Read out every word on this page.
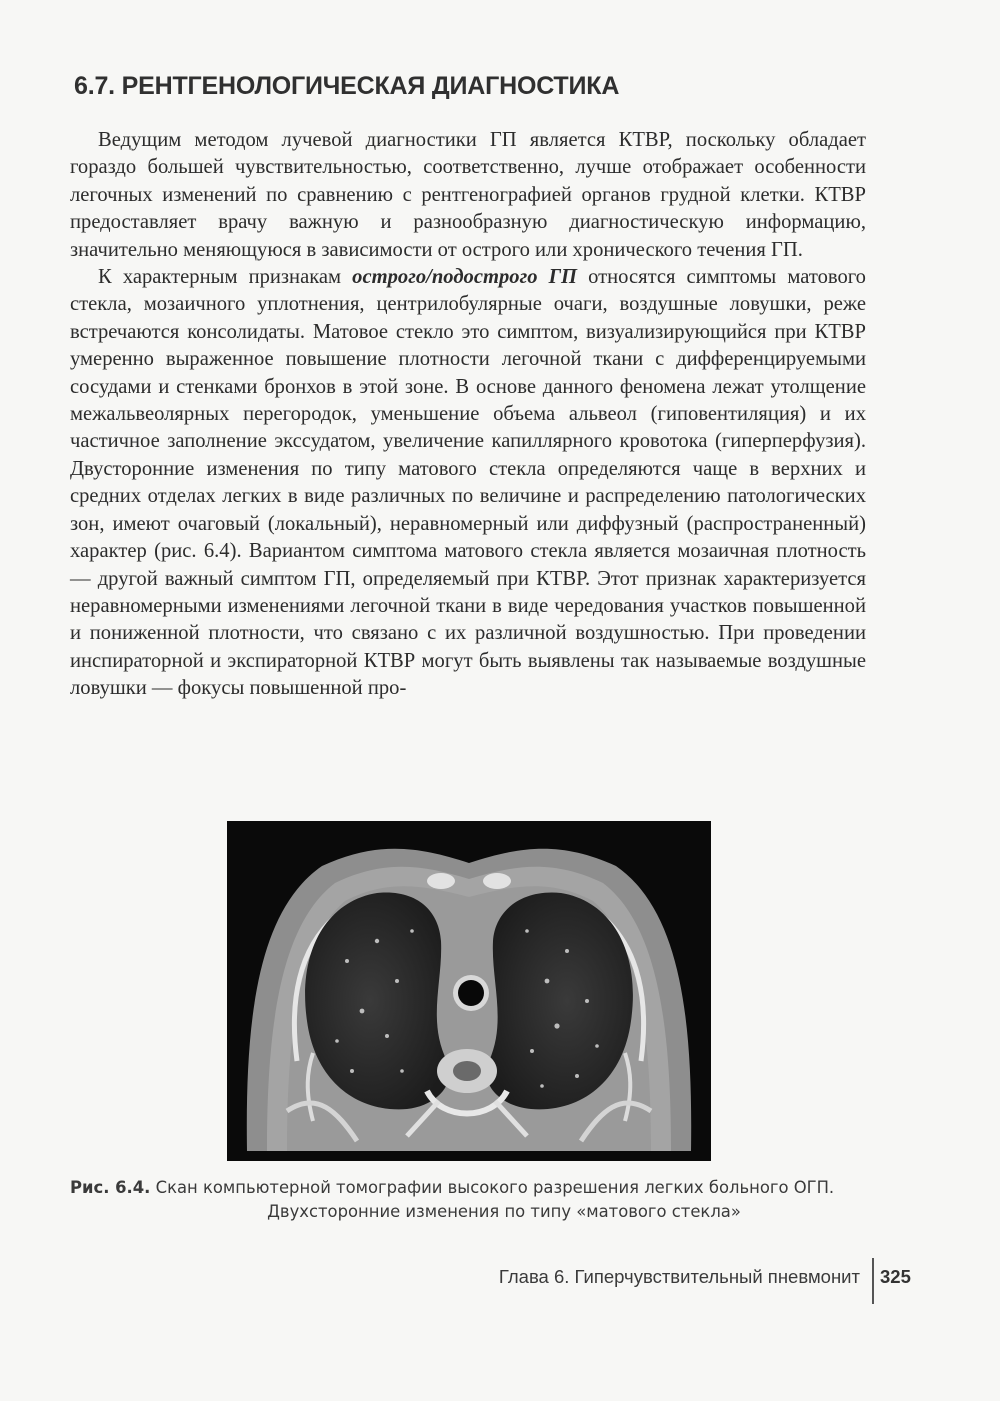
6.7. РЕНТГЕНОЛОГИЧЕСКАЯ ДИАГНОСТИКА

Ведущим методом лучевой диагностики ГП является КТВР, поскольку обладает гораздо большей чувствительностью, соответственно, лучше отображает особенности легочных изменений по сравнению с рентгенографией органов грудной клетки. КТВР предоставляет врачу важную и разнообразную диагностическую информацию, значительно меняющуюся в зависимости от острого или хронического течения ГП.

К характерным признакам острого/подострого ГП относятся симптомы матового стекла, мозаичного уплотнения, центрилобулярные очаги, воздушные ловушки, реже встречаются консолидаты. Матовое стекло это симптом, визуализирующийся при КТВР умеренно выраженное повышение плотности легочной ткани с дифференцируемыми сосудами и стенками бронхов в этой зоне. В основе данного феномена лежат утолщение межальвеолярных перегородок, уменьшение объема альвеол (гиповентиляция) и их частичное заполнение экссудатом, увеличение капиллярного кровотока (гиперперфузия). Двусторонние изменения по типу матового стекла определяются чаще в верхних и средних отделах легких в виде различных по величине и распределению патологических зон, имеют очаговый (локальный), неравномерный или диффузный (распространенный) характер (рис. 6.4). Вариантом симптома матового стекла является мозаичная плотность — другой важный симптом ГП, определяемый при КТВР. Этот признак характеризуется неравномерными изменениями легочной ткани в виде чередования участков повышенной и пониженной плотности, что связано с их различной воздушностью. При проведении инспираторной и экспираторной КТВР могут быть выявлены так называемые воздушные ловушки — фокусы повышенной про-

Рис. 6.4. Скан компьютерной томографии высокого разрешения легких больного ОГП.
Двухсторонние изменения по типу «матового стекла»
Глава 6. Гиперчувствительный пневмонит 325
